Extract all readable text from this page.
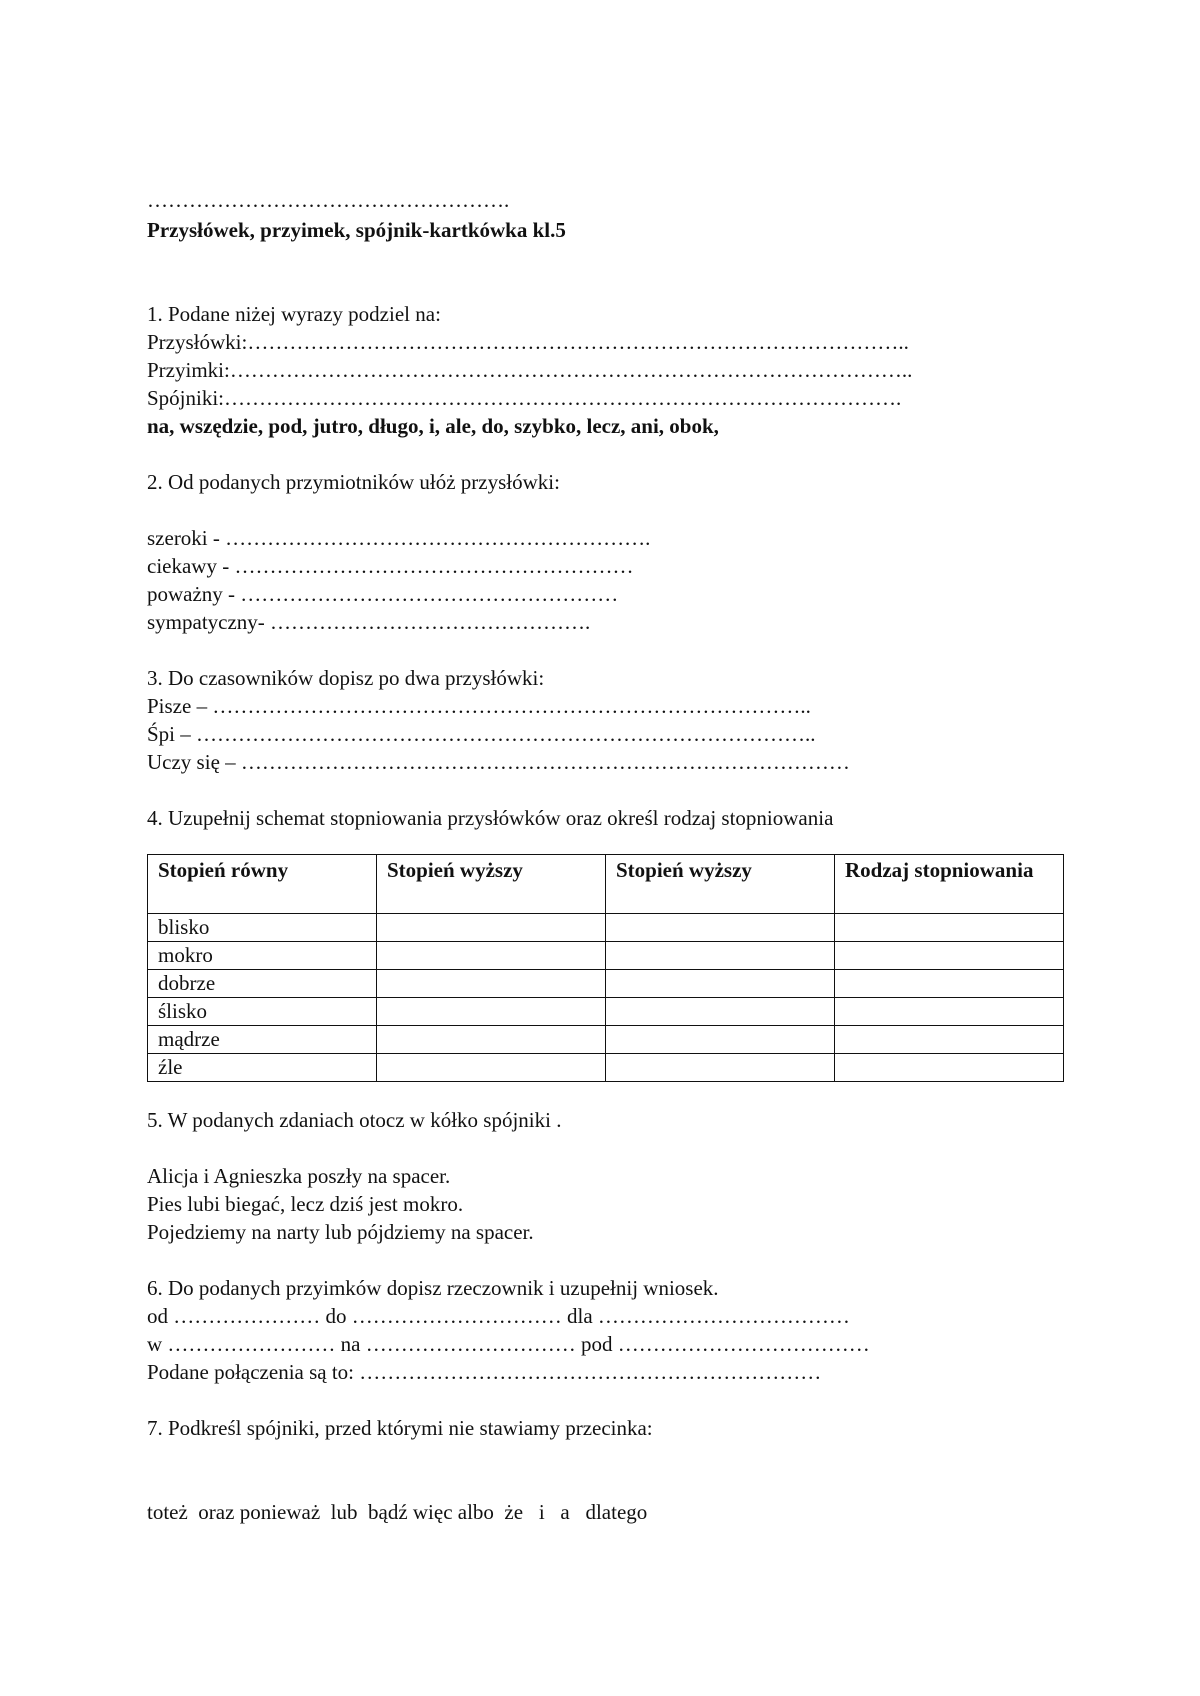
…………………………………………….
Przysłówek, przyimek, spójnik-kartkówka kl.5
1. Podane niżej wyrazy podziel na:
Przysłówki:…………………………………………………………………………………..
Przyimki:……………………………………………………………………………………..
Spójniki:…………………………………………………………………………………….
na, wszędzie, pod, jutro, długo, i, ale, do, szybko, lecz, ani, obok,
2. Od podanych przymiotników ułóż przysłówki:
szeroki - …………………………………………………….
ciekawy - …………………………………………………
poważny - ………………………………………………
sympatyczny- ……………………………………….
3. Do czasowników dopisz po dwa przysłówki:
Pisze – …………………………………………………………………………..
Śpi – ……………………………………………………………………………..
Uczy się – ……………………………………………………………………………
4. Uzupełnij schemat stopniowania przysłówków oraz określ rodzaj stopniowania
Stopień równy	Stopień wyższy	Stopień wyższy	Rodzaj stopniowania
blisko			
mokro			
dobrze			
ślisko			
mądrze			
źle			
5. W podanych zdaniach otocz w kółko spójniki .
Alicja i Agnieszka poszły na spacer.
Pies lubi biegać, lecz dziś jest mokro.
Pojedziemy na narty lub pójdziemy na spacer.
6. Do podanych przyimków dopisz rzeczownik i uzupełnij wniosek.
od ………………… do ………………………… dla ………………………………
w …………………… na ………………………… pod ………………………………
Podane połączenia są to: …………………………………………………………
7. Podkreśl spójniki, przed którymi nie stawiamy przecinka:
toteż  oraz ponieważ  lub  bądź więc albo  że   i   a   dlatego
